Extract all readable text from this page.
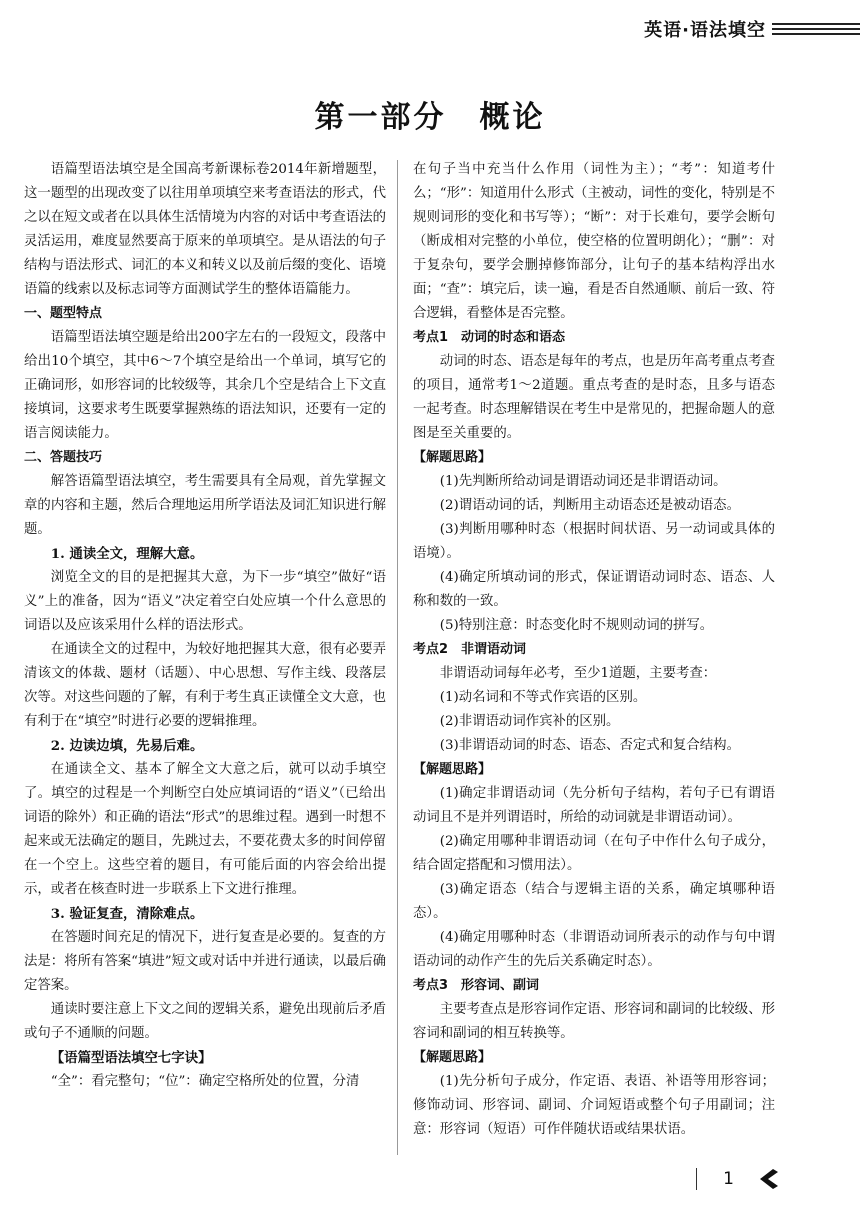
英语·语法填空
第一部分　概论

语篇型语法填空是全国高考新课标卷2014年新增题型，这一题型的出现改变了以往用单项填空来考查语法的形式，代之以在短文或者在以具体生活情境为内容的对话中考查语法的灵活运用，难度显然要高于原来的单项填空。是从语法的句子结构与语法形式、词汇的本义和转义以及前后缀的变化、语境语篇的线索以及标志词等方面测试学生的整体语篇能力。

一、题型特点

语篇型语法填空题是给出200字左右的一段短文，段落中给出10个填空，其中6～7个填空是给出一个单词，填写它的正确词形，如形容词的比较级等，其余几个空是结合上下文直接填词，这要求考生既要掌握熟练的语法知识，还要有一定的语言阅读能力。

二、答题技巧

解答语篇型语法填空，考生需要具有全局观，首先掌握文章的内容和主题，然后合理地运用所学语法及词汇知识进行解题。

1. 通读全文，理解大意。

浏览全文的目的是把握其大意，为下一步“填空”做好“语义”上的准备，因为“语义”决定着空白处应填一个什么意思的词语以及应该采用什么样的语法形式。

在通读全文的过程中，为较好地把握其大意，很有必要弄清该文的体裁、题材（话题）、中心思想、写作主线、段落层次等。对这些问题的了解，有利于考生真正读懂全文大意，也有利于在“填空”时进行必要的逻辑推理。

2. 边读边填，先易后难。

在通读全文、基本了解全文大意之后，就可以动手填空了。填空的过程是一个判断空白处应填词语的“语义”（已给出词语的除外）和正确的语法“形式”的思维过程。遇到一时想不起来或无法确定的题目，先跳过去，不要花费太多的时间停留在一个空上。这些空着的题目，有可能后面的内容会给出提示，或者在核查时进一步联系上下文进行推理。

3. 验证复查，清除难点。

在答题时间充足的情况下，进行复查是必要的。复查的方法是：将所有答案“填进”短文或对话中并进行通读，以最后确定答案。

通读时要注意上下文之间的逻辑关系，避免出现前后矛盾或句子不通顺的问题。

【语篇型语法填空七字诀】

“全”：看完整句；“位”：确定空格所处的位置，分清

在句子当中充当什么作用（词性为主）；“考”：知道考什么；“形”：知道用什么形式（主被动，词性的变化，特别是不规则词形的变化和书写等）；“断”：对于长难句，要学会断句（断成相对完整的小单位，使空格的位置明朗化）；“删”：对于复杂句，要学会删掉修饰部分，让句子的基本结构浮出水面；“查”：填完后，读一遍，看是否自然通顺、前后一致、符合逻辑，看整体是否完整。

考点1　动词的时态和语态

动词的时态、语态是每年的考点，也是历年高考重点考查的项目，通常考1～2道题。重点考查的是时态，且多与语态一起考查。时态理解错误在考生中是常见的，把握命题人的意图是至关重要的。

【解题思路】

(1)先判断所给动词是谓语动词还是非谓语动词。

(2)谓语动词的话，判断用主动语态还是被动语态。

(3)判断用哪种时态（根据时间状语、另一动词或具体的语境）。

(4)确定所填动词的形式，保证谓语动词时态、语态、人称和数的一致。

(5)特别注意：时态变化时不规则动词的拼写。

考点2　非谓语动词

非谓语动词每年必考，至少1道题，主要考查：

(1)动名词和不等式作宾语的区别。

(2)非谓语动词作宾补的区别。

(3)非谓语动词的时态、语态、否定式和复合结构。

【解题思路】

(1)确定非谓语动词（先分析句子结构，若句子已有谓语动词且不是并列谓语时，所给的动词就是非谓语动词）。

(2)确定用哪种非谓语动词（在句子中作什么句子成分，结合固定搭配和习惯用法）。

(3)确定语态（结合与逻辑主语的关系，确定填哪种语态）。

(4)确定用哪种时态（非谓语动词所表示的动作与句中谓语动词的动作产生的先后关系确定时态）。

考点3　形容词、副词

主要考查点是形容词作定语、形容词和副词的比较级、形容词和副词的相互转换等。

【解题思路】

(1)先分析句子成分，作定语、表语、补语等用形容词；修饰动词、形容词、副词、介词短语或整个句子用副词；注意：形容词（短语）可作伴随状语或结果状语。

1
